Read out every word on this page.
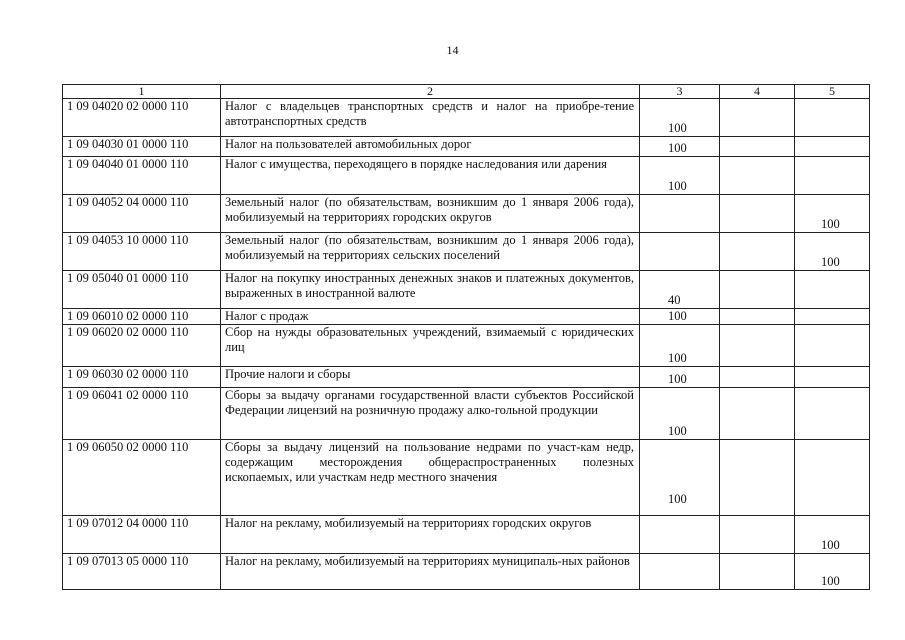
14
1	2	3	4	5
1 09 04020 02 0000 110	Налог с владельцев транспортных средств и налог на приобре-тение автотранспортных средств	100		
1 09 04030 01 0000 110	Налог на пользователей автомобильных дорог	100		
1 09 04040 01 0000 110	Налог с имущества, переходящего в порядке наследования или дарения	100		
1 09 04052 04 0000 110	Земельный налог (по обязательствам, возникшим до 1 января 2006 года), мобилизуемый на территориях городских округов			100
1 09 04053 10 0000 110	Земельный налог (по обязательствам, возникшим до 1 января 2006 года), мобилизуемый на территориях сельских поселений			100
1 09 05040 01 0000 110	Налог на покупку иностранных денежных знаков и платежных документов, выраженных в иностранной валюте	40		
1 09 06010 02 0000 110	Налог с продаж	100		
1 09 06020 02 0000 110	Сбор на нужды образовательных учреждений, взимаемый с юридических лиц	100		
1 09 06030 02 0000 110	Прочие налоги и сборы	100		
1 09 06041 02 0000 110	Сборы за выдачу органами государственной власти субъектов Российской Федерации лицензий на розничную продажу алко-гольной продукции	100		
1 09 06050 02 0000 110	Сборы за выдачу лицензий на пользование недрами по участ-кам недр, содержащим месторождения общераспространенных полезных ископаемых, или участкам недр местного значения	100		
1 09 07012 04 0000 110	Налог на рекламу, мобилизуемый на территориях городских округов			100
1 09 07013 05 0000 110	Налог на рекламу, мобилизуемый на территориях муниципаль-ных районов			100
